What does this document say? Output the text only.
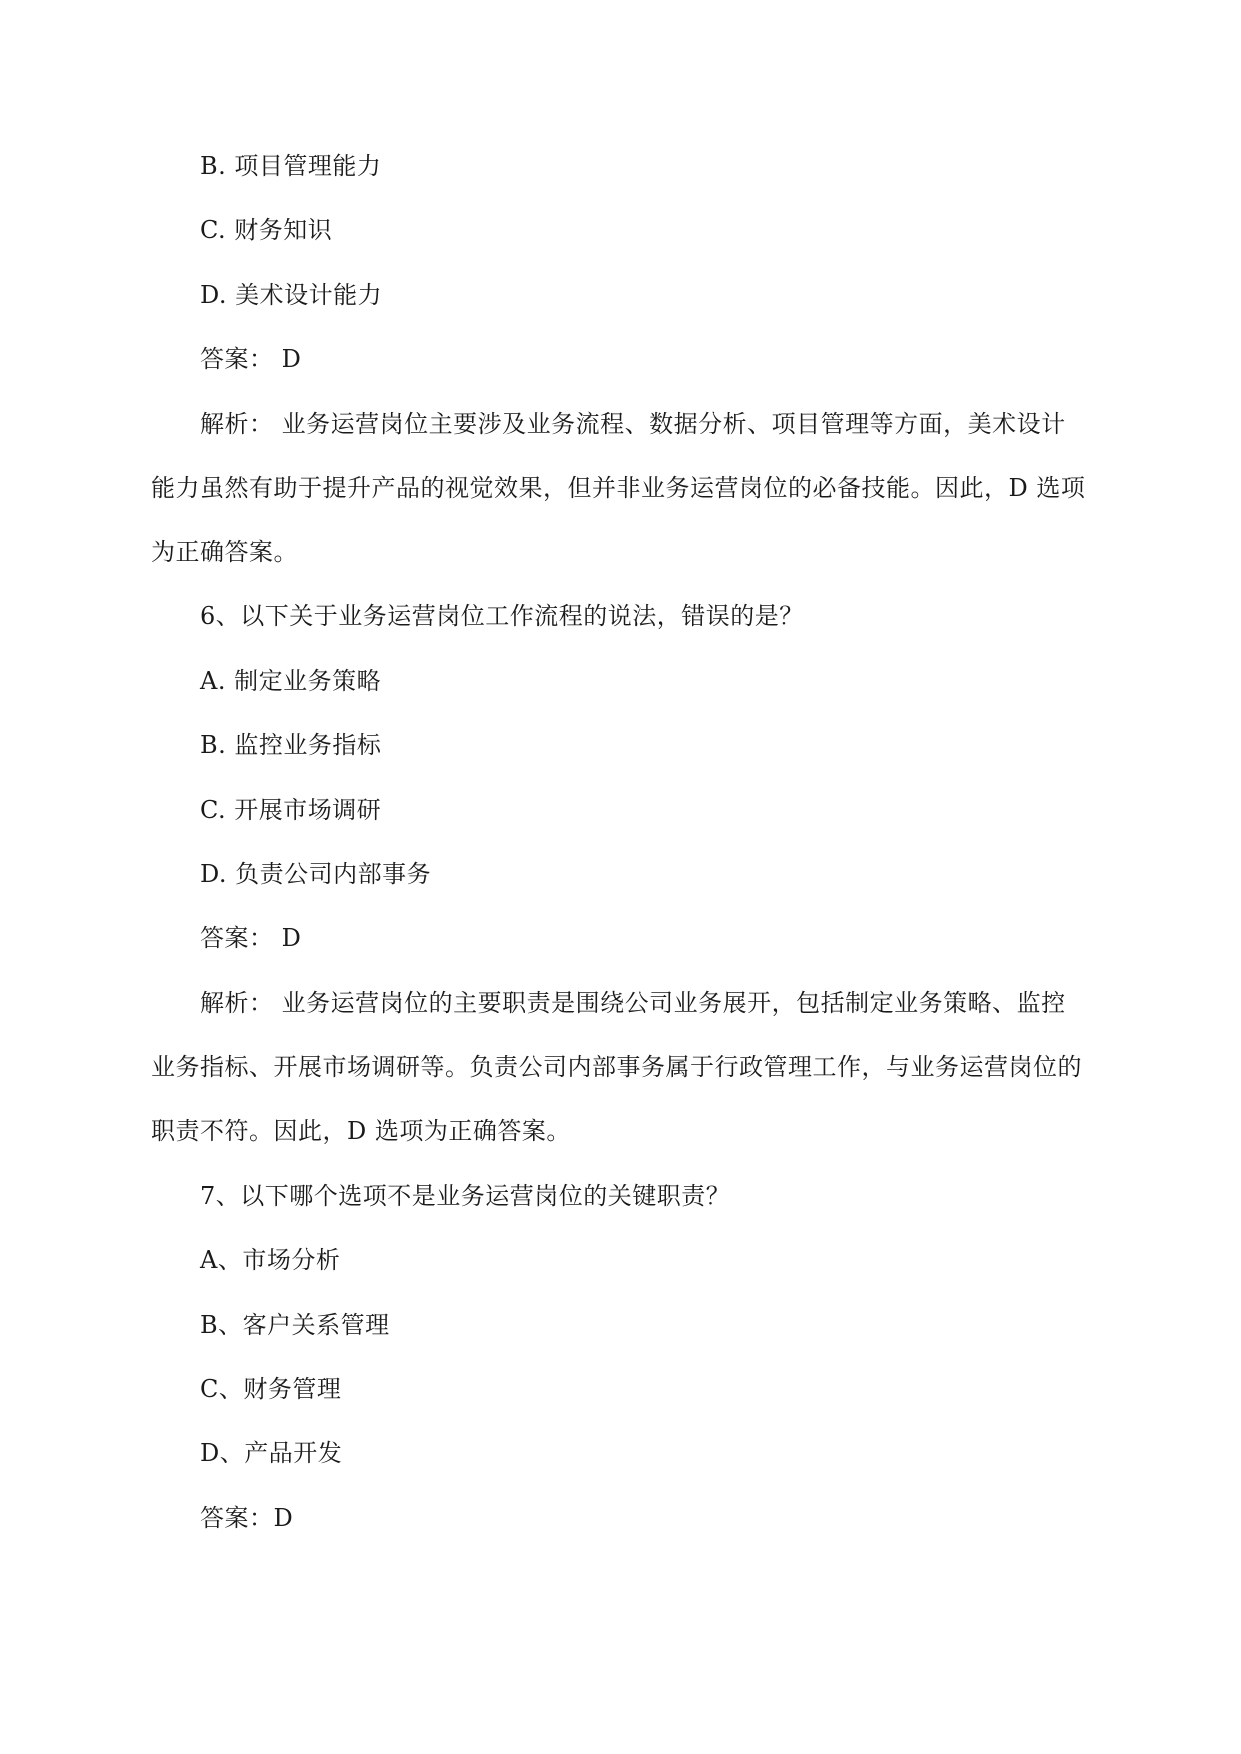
B. 项目管理能力
C. 财务知识
D. 美术设计能力
答案： D
解析： 业务运营岗位主要涉及业务流程、数据分析、项目管理等方面，美术设计
能力虽然有助于提升产品的视觉效果，但并非业务运营岗位的必备技能。因此，D 选项
为正确答案。
6、以下关于业务运营岗位工作流程的说法，错误的是？
A. 制定业务策略
B. 监控业务指标
C. 开展市场调研
D. 负责公司内部事务
答案： D
解析： 业务运营岗位的主要职责是围绕公司业务展开，包括制定业务策略、监控
业务指标、开展市场调研等。负责公司内部事务属于行政管理工作，与业务运营岗位的
职责不符。因此，D 选项为正确答案。
7、以下哪个选项不是业务运营岗位的关键职责？
A、市场分析
B、客户关系管理
C、财务管理
D、产品开发
答案：D
